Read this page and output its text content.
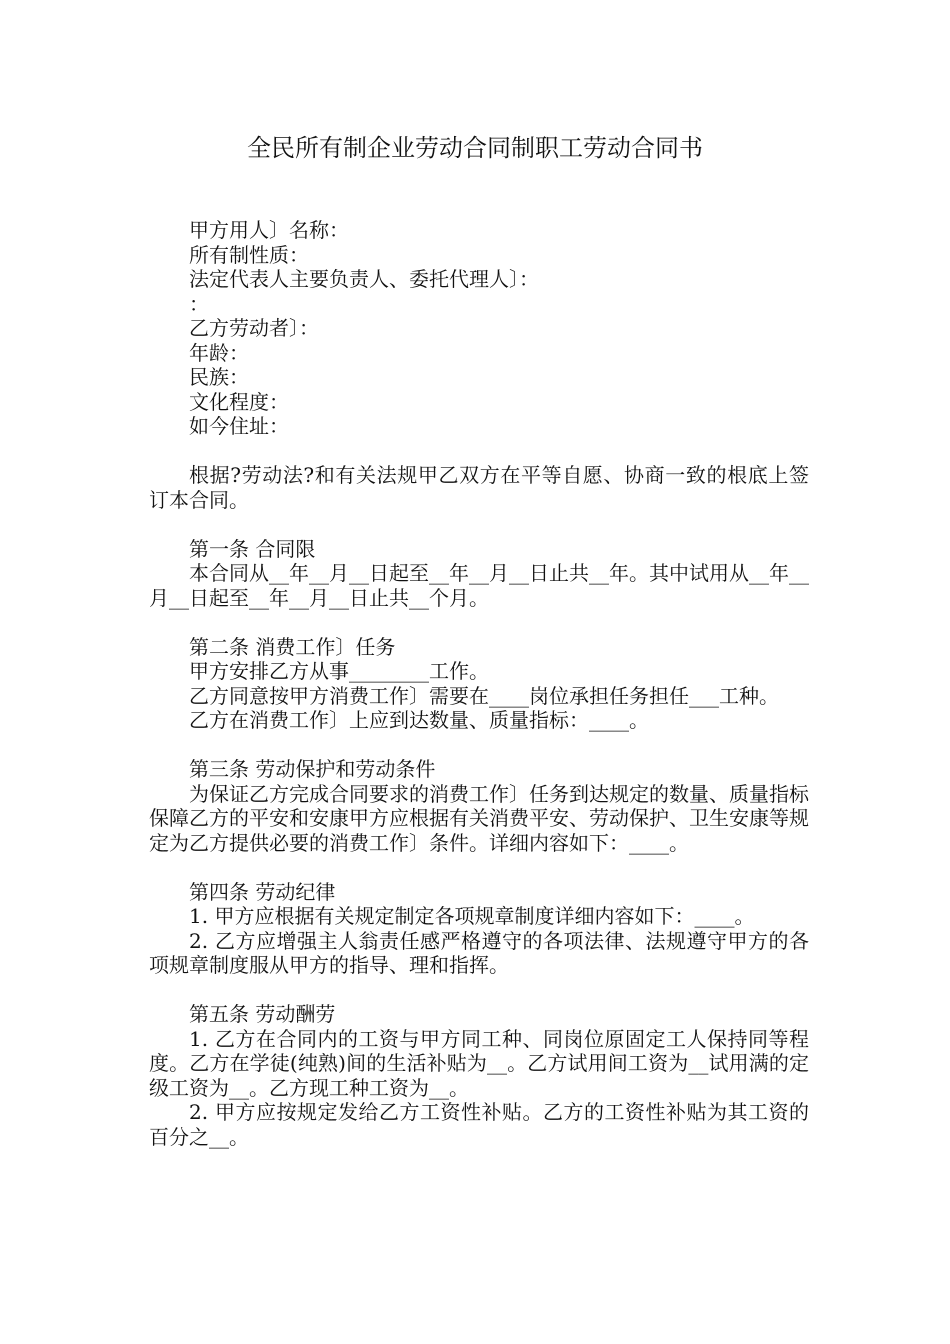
全民所有制企业劳动合同制职工劳动合同书
甲方用人〕名称：
所有制性质：
法定代表人主要负责人、委托代理人〕：
：
乙方劳动者〕：
年龄：
民族：
文化程度：
如今住址：
根据?劳动法?和有关法规甲乙双方在平等自愿、协商一致的根底上签订本合同。
第一条 合同限
本合同从__年__月__日起至__年__月__日止共__年。其中试用从__年__月__日起至__年__月__日止共__个月。
第二条 消费工作〕任务
甲方安排乙方从事________工作。
乙方同意按甲方消费工作〕需要在____岗位承担任务担任___工种。
乙方在消费工作〕上应到达数量、质量指标：____。
第三条 劳动保护和劳动条件
为保证乙方完成合同要求的消费工作〕任务到达规定的数量、质量指标保障乙方的平安和安康甲方应根据有关消费平安、劳动保护、卫生安康等规定为乙方提供必要的消费工作〕条件。详细内容如下：____。
第四条 劳动纪律
1. 甲方应根据有关规定制定各项规章制度详细内容如下：____。
2. 乙方应增强主人翁责任感严格遵守的各项法律、法规遵守甲方的各项规章制度服从甲方的指导、理和指挥。
第五条 劳动酬劳
1. 乙方在合同内的工资与甲方同工种、同岗位原固定工人保持同等程度。乙方在学徒(纯熟)间的生活补贴为__。乙方试用间工资为__试用满的定级工资为__。乙方现工种工资为__。
2. 甲方应按规定发给乙方工资性补贴。乙方的工资性补贴为其工资的百分之__。
